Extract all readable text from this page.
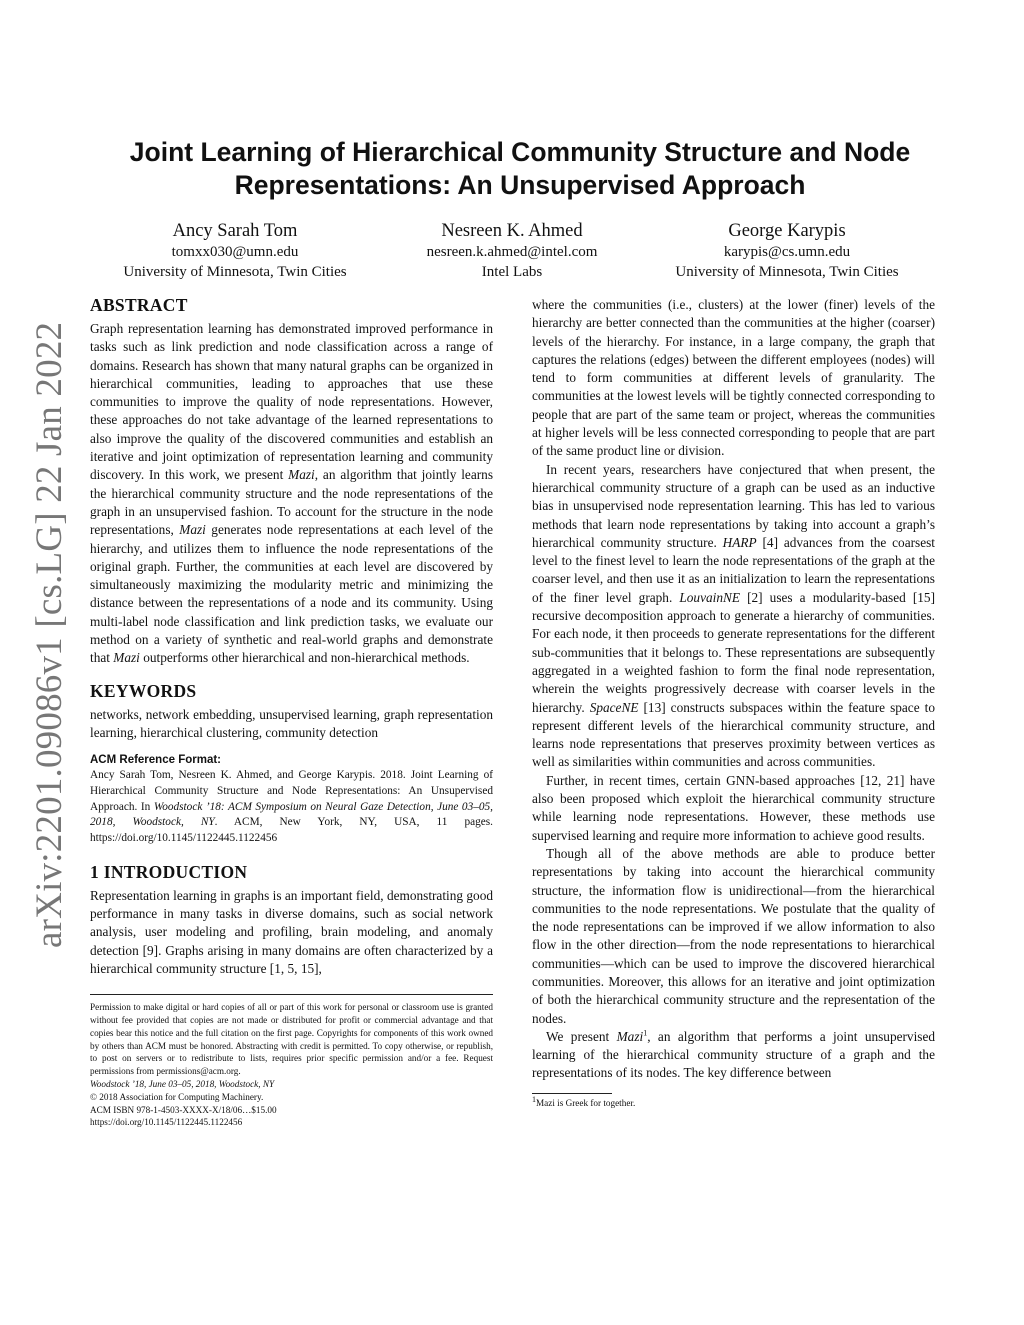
arXiv:2201.09086v1 [cs.LG] 22 Jan 2022
Joint Learning of Hierarchical Community Structure and Node Representations: An Unsupervised Approach
Ancy Sarah Tom
tomxx030@umn.edu
University of Minnesota, Twin Cities
Nesreen K. Ahmed
nesreen.k.ahmed@intel.com
Intel Labs
George Karypis
karypis@cs.umn.edu
University of Minnesota, Twin Cities
ABSTRACT

Graph representation learning has demonstrated improved performance in tasks such as link prediction and node classification across a range of domains. Research has shown that many natural graphs can be organized in hierarchical communities, leading to approaches that use these communities to improve the quality of node representations. However, these approaches do not take advantage of the learned representations to also improve the quality of the discovered communities and establish an iterative and joint optimization of representation learning and community discovery. In this work, we present Mazi, an algorithm that jointly learns the hierarchical community structure and the node representations of the graph in an unsupervised fashion. To account for the structure in the node representations, Mazi generates node representations at each level of the hierarchy, and utilizes them to influence the node representations of the original graph. Further, the communities at each level are discovered by simultaneously maximizing the modularity metric and minimizing the distance between the representations of a node and its community. Using multi-label node classification and link prediction tasks, we evaluate our method on a variety of synthetic and real-world graphs and demonstrate that Mazi outperforms other hierarchical and non-hierarchical methods.

KEYWORDS

networks, network embedding, unsupervised learning, graph representation learning, hierarchical clustering, community detection

ACM Reference Format:

Ancy Sarah Tom, Nesreen K. Ahmed, and George Karypis. 2018. Joint Learning of Hierarchical Community Structure and Node Representations: An Unsupervised Approach. In Woodstock ’18: ACM Symposium on Neural Gaze Detection, June 03–05, 2018, Woodstock, NY. ACM, New York, NY, USA, 11 pages. https://doi.org/10.1145/1122445.1122456

1 INTRODUCTION

Representation learning in graphs is an important field, demonstrating good performance in many tasks in diverse domains, such as social network analysis, user modeling and profiling, brain modeling, and anomaly detection [9]. Graphs arising in many domains are often characterized by a hierarchical community structure [1, 5, 15],

Permission to make digital or hard copies of all or part of this work for personal or classroom use is granted without fee provided that copies are not made or distributed for profit or commercial advantage and that copies bear this notice and the full citation on the first page. Copyrights for components of this work owned by others than ACM must be honored. Abstracting with credit is permitted. To copy otherwise, or republish, to post on servers or to redistribute to lists, requires prior specific permission and/or a fee. Request permissions from permissions@acm.org.

Woodstock ’18, June 03–05, 2018, Woodstock, NY

© 2018 Association for Computing Machinery.

ACM ISBN 978-1-4503-XXXX-X/18/06…$15.00

https://doi.org/10.1145/1122445.1122456

where the communities (i.e., clusters) at the lower (finer) levels of the hierarchy are better connected than the communities at the higher (coarser) levels of the hierarchy. For instance, in a large company, the graph that captures the relations (edges) between the different employees (nodes) will tend to form communities at different levels of granularity. The communities at the lowest levels will be tightly connected corresponding to people that are part of the same team or project, whereas the communities at higher levels will be less connected corresponding to people that are part of the same product line or division.

In recent years, researchers have conjectured that when present, the hierarchical community structure of a graph can be used as an inductive bias in unsupervised node representation learning. This has led to various methods that learn node representations by taking into account a graph’s hierarchical community structure. HARP [4] advances from the coarsest level to the finest level to learn the node representations of the graph at the coarser level, and then use it as an initialization to learn the representations of the finer level graph. LouvainNE [2] uses a modularity-based [15] recursive decomposition approach to generate a hierarchy of communities. For each node, it then proceeds to generate representations for the different sub-communities that it belongs to. These representations are subsequently aggregated in a weighted fashion to form the final node representation, wherein the weights progressively decrease with coarser levels in the hierarchy. SpaceNE [13] constructs subspaces within the feature space to represent different levels of the hierarchical community structure, and learns node representations that preserves proximity between vertices as well as similarities within communities and across communities.

Further, in recent times, certain GNN-based approaches [12, 21] have also been proposed which exploit the hierarchical community structure while learning node representations. However, these methods use supervised learning and require more information to achieve good results.

Though all of the above methods are able to produce better representations by taking into account the hierarchical community structure, the information flow is unidirectional—from the hierarchical communities to the node representations. We postulate that the quality of the node representations can be improved if we allow information to also flow in the other direction—from the node representations to hierarchical communities—which can be used to improve the discovered hierarchical communities. Moreover, this allows for an iterative and joint optimization of both the hierarchical community structure and the representation of the nodes.

We present Mazi$^1$, an algorithm that performs a joint unsupervised learning of the hierarchical community structure of a graph and the representations of its nodes. The key difference between

$^1$Mazi is Greek for together.
